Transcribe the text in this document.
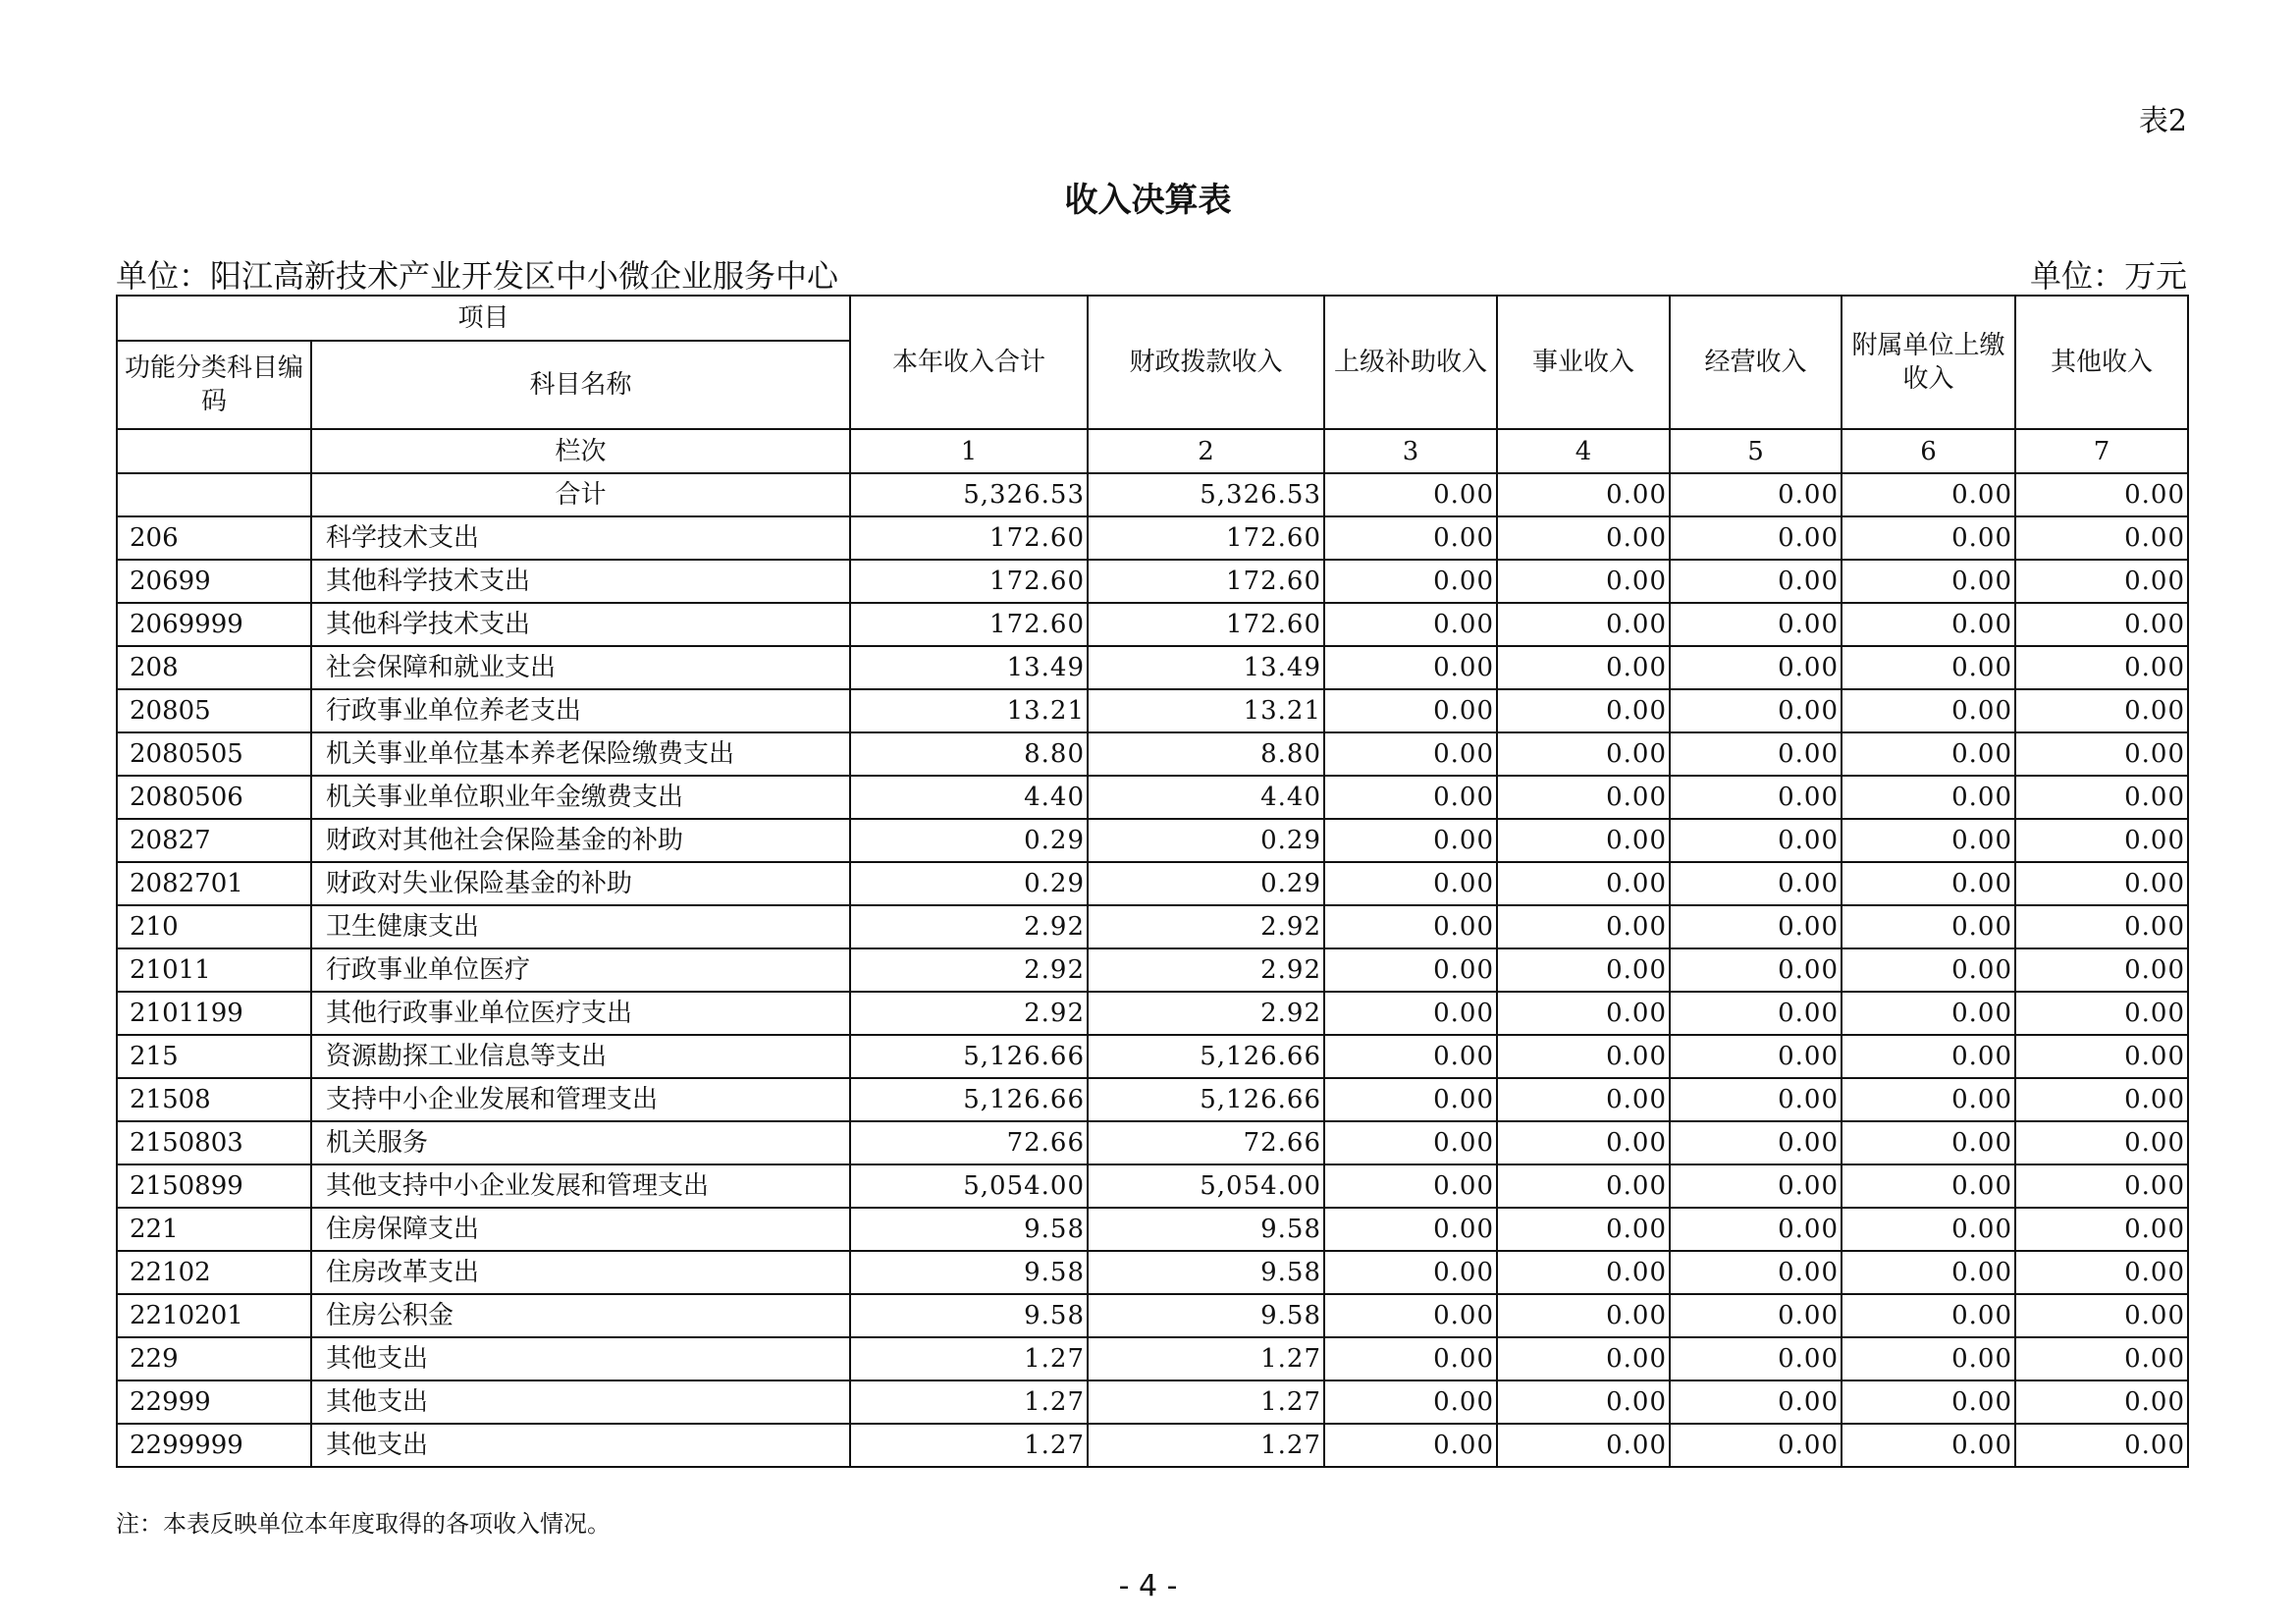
表2
收入决算表
单位：阳江高新技术产业开发区中小微企业服务中心	单位：万元
项目		本年收入合计	财政拨款收入	上级补助收入	事业收入	经营收入	附属单位上缴收入	其他收入
功能分类科目编码	科目名称							
	栏次	1	2	3	4	5	6	7
	合计	5,326.53	5,326.53	0.00	0.00	0.00	0.00	0.00
206	科学技术支出	172.60	172.60	0.00	0.00	0.00	0.00	0.00
20699	其他科学技术支出	172.60	172.60	0.00	0.00	0.00	0.00	0.00
2069999	其他科学技术支出	172.60	172.60	0.00	0.00	0.00	0.00	0.00
208	社会保障和就业支出	13.49	13.49	0.00	0.00	0.00	0.00	0.00
20805	行政事业单位养老支出	13.21	13.21	0.00	0.00	0.00	0.00	0.00
2080505	机关事业单位基本养老保险缴费支出	8.80	8.80	0.00	0.00	0.00	0.00	0.00
2080506	机关事业单位职业年金缴费支出	4.40	4.40	0.00	0.00	0.00	0.00	0.00
20827	财政对其他社会保险基金的补助	0.29	0.29	0.00	0.00	0.00	0.00	0.00
2082701	财政对失业保险基金的补助	0.29	0.29	0.00	0.00	0.00	0.00	0.00
210	卫生健康支出	2.92	2.92	0.00	0.00	0.00	0.00	0.00
21011	行政事业单位医疗	2.92	2.92	0.00	0.00	0.00	0.00	0.00
2101199	其他行政事业单位医疗支出	2.92	2.92	0.00	0.00	0.00	0.00	0.00
215	资源勘探工业信息等支出	5,126.66	5,126.66	0.00	0.00	0.00	0.00	0.00
21508	支持中小企业发展和管理支出	5,126.66	5,126.66	0.00	0.00	0.00	0.00	0.00
2150803	机关服务	72.66	72.66	0.00	0.00	0.00	0.00	0.00
2150899	其他支持中小企业发展和管理支出	5,054.00	5,054.00	0.00	0.00	0.00	0.00	0.00
221	住房保障支出	9.58	9.58	0.00	0.00	0.00	0.00	0.00
22102	住房改革支出	9.58	9.58	0.00	0.00	0.00	0.00	0.00
2210201	住房公积金	9.58	9.58	0.00	0.00	0.00	0.00	0.00
229	其他支出	1.27	1.27	0.00	0.00	0.00	0.00	0.00
22999	其他支出	1.27	1.27	0.00	0.00	0.00	0.00	0.00
2299999	其他支出	1.27	1.27	0.00	0.00	0.00	0.00	0.00
注：本表反映单位本年度取得的各项收入情况。
- 4 -
